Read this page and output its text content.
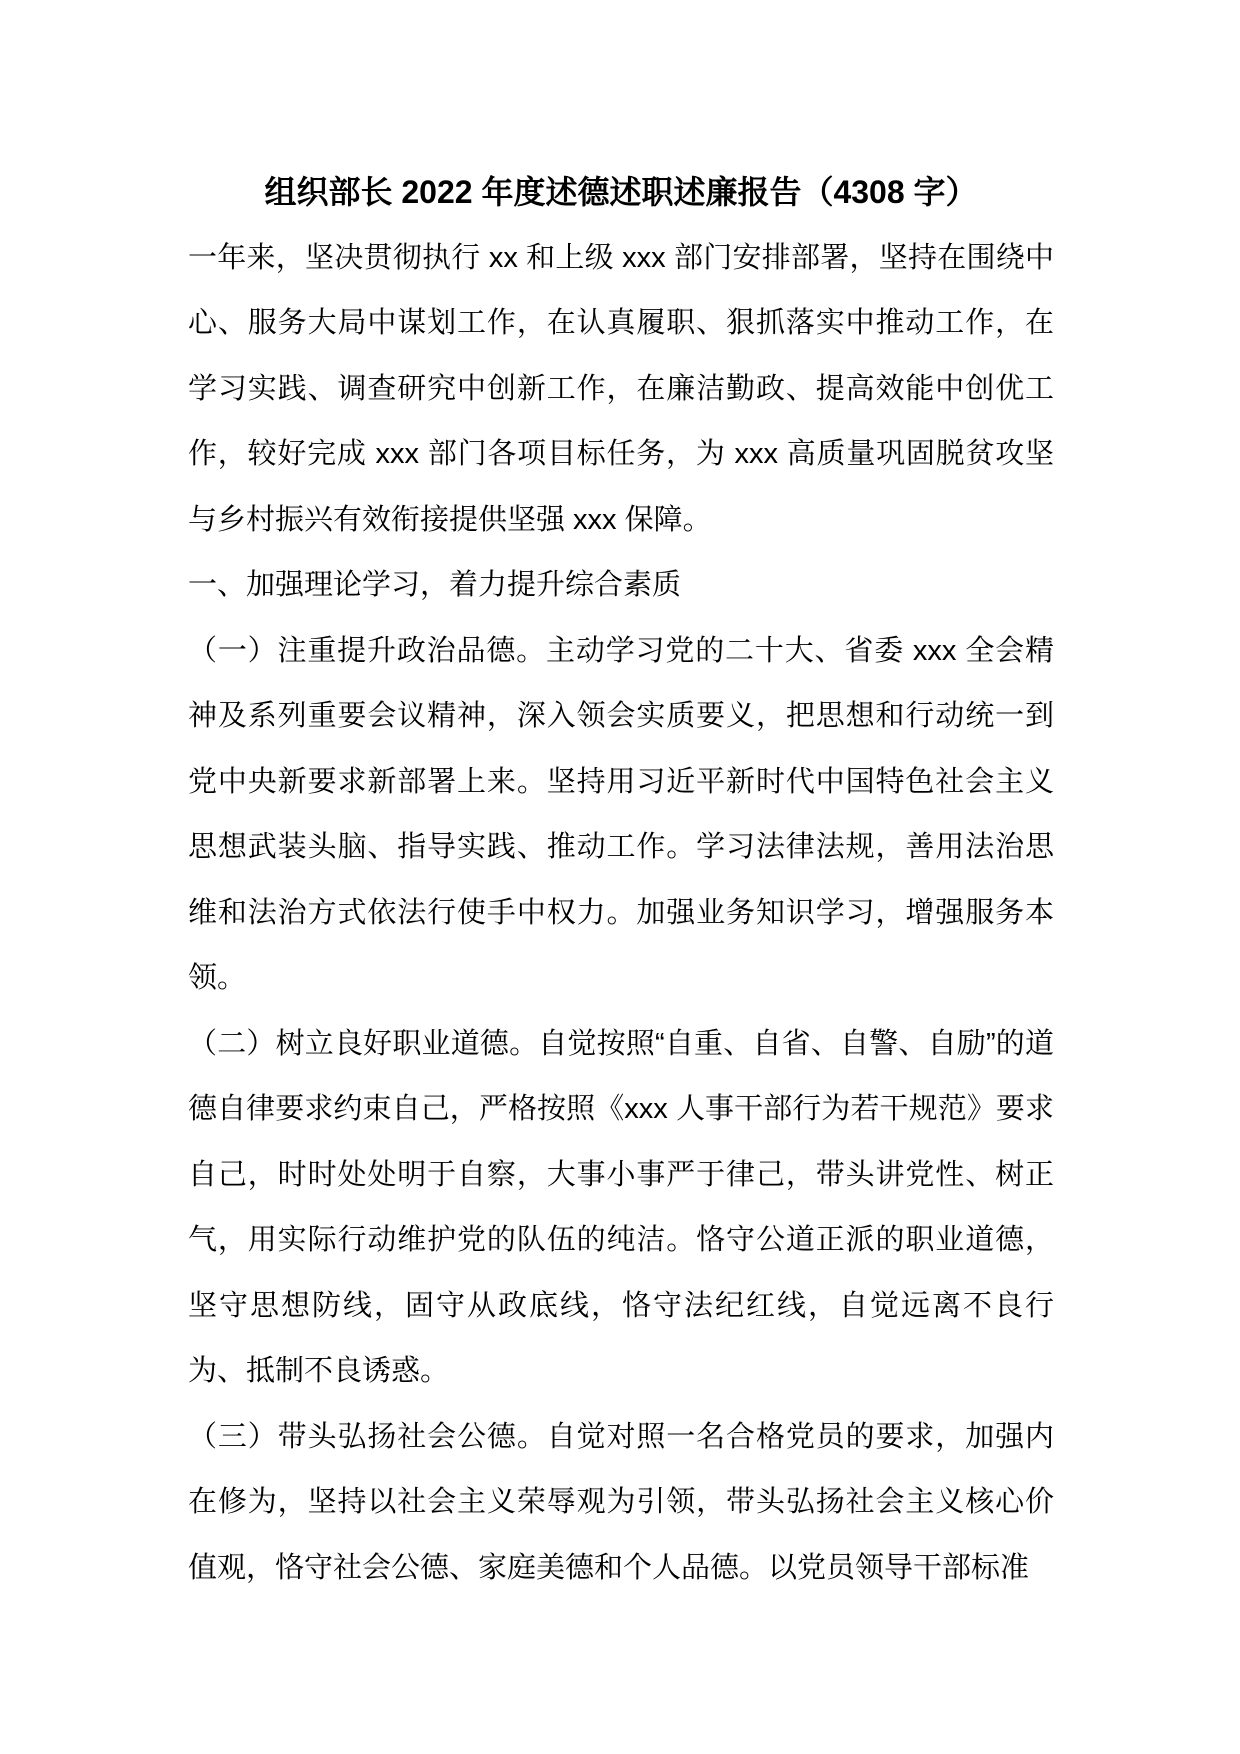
组织部长 2022 年度述德述职述廉报告（4308 字）

一年来，坚决贯彻执行 xx 和上级 xxx 部门安排部署，坚持在围绕中心、服务大局中谋划工作，在认真履职、狠抓落实中推动工作，在学习实践、调查研究中创新工作，在廉洁勤政、提高效能中创优工作，较好完成 xxx 部门各项目标任务，为 xxx 高质量巩固脱贫攻坚与乡村振兴有效衔接提供坚强 xxx 保障。

一、加强理论学习，着力提升综合素质

（一）注重提升政治品德。主动学习党的二十大、省委 xxx 全会精神及系列重要会议精神，深入领会实质要义，把思想和行动统一到党中央新要求新部署上来。坚持用习近平新时代中国特色社会主义思想武装头脑、指导实践、推动工作。学习法律法规，善用法治思维和法治方式依法行使手中权力。加强业务知识学习，增强服务本领。

（二）树立良好职业道德。自觉按照“自重、自省、自警、自励”的道德自律要求约束自己，严格按照《xxx 人事干部行为若干规范》要求自己，时时处处明于自察，大事小事严于律己，带头讲党性、树正气，用实际行动维护党的队伍的纯洁。恪守公道正派的职业道德，坚守思想防线，固守从政底线，恪守法纪红线，自觉远离不良行为、抵制不良诱惑。

（三）带头弘扬社会公德。自觉对照一名合格党员的要求，加强内在修为，坚持以社会主义荣辱观为引领，带头弘扬社会主义核心价值观，恪守社会公德、家庭美德和个人品德。以党员领导干部标准
